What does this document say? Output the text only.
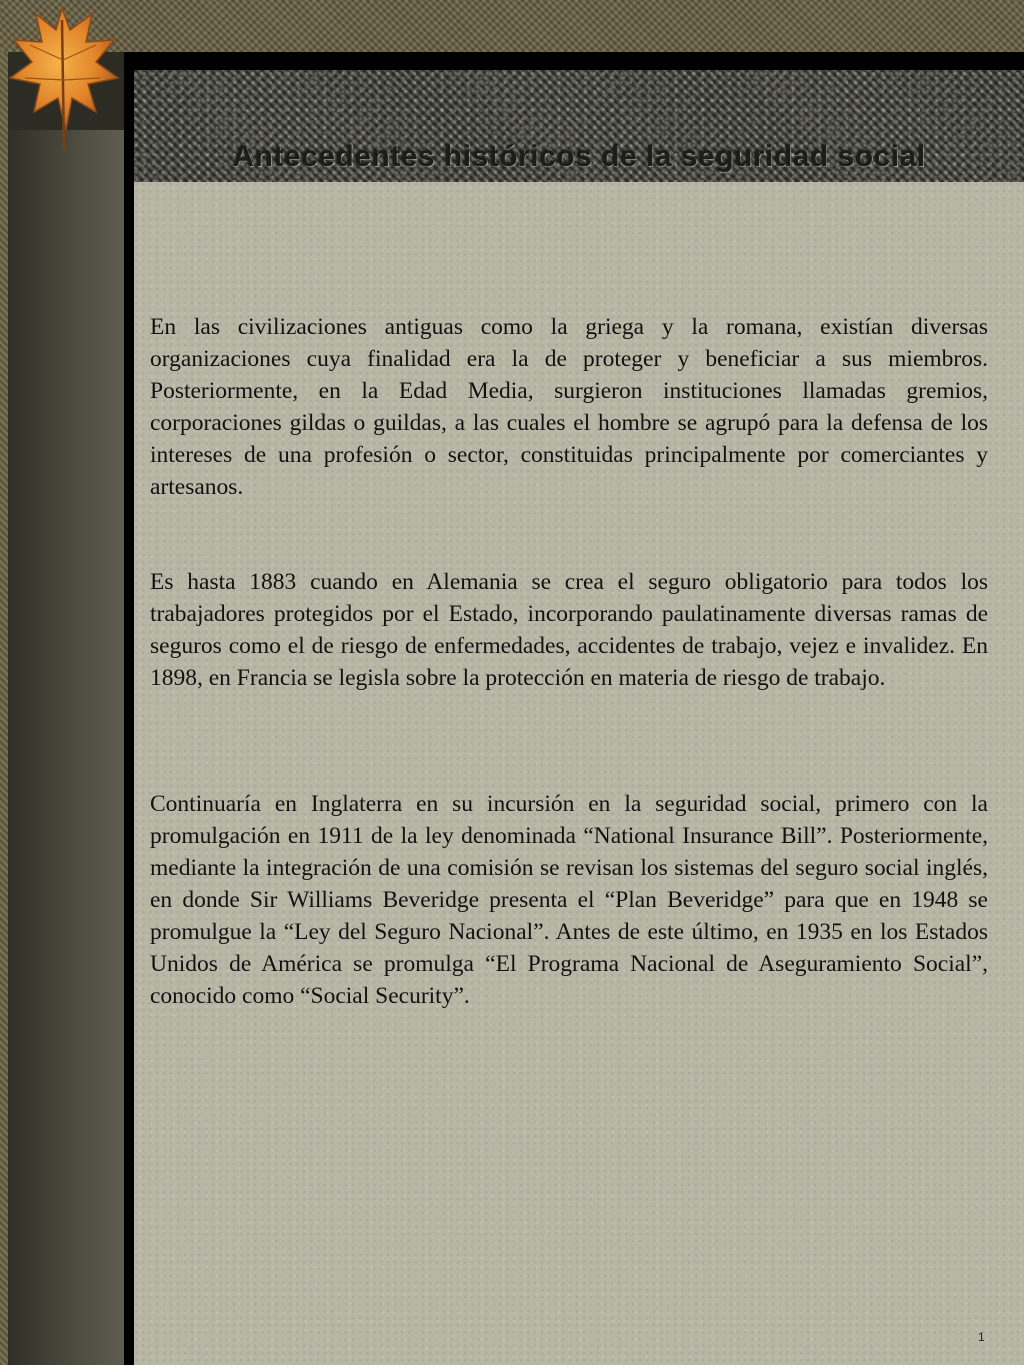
Antecedentes históricos de la seguridad social
En las civilizaciones antiguas como la griega y la romana, existían diversas organizaciones cuya finalidad era la de proteger y beneficiar a sus miembros. Posteriormente, en la Edad Media, surgieron instituciones llamadas gremios, corporaciones gildas o guildas, a las cuales el hombre se agrupó para la defensa de los intereses de una profesión o sector, constituidas principalmente por comerciantes y artesanos.
Es hasta 1883 cuando en Alemania se crea el seguro obligatorio para todos los trabajadores protegidos por el Estado, incorporando paulatinamente diversas ramas de seguros como el de riesgo de enfermedades, accidentes de trabajo, vejez e invalidez. En 1898, en Francia se legisla sobre la protección en materia de riesgo de trabajo.
Continuaría en Inglaterra en su incursión en la seguridad social, primero con la promulgación en 1911 de la ley denominada “National Insurance Bill”. Posteriormente, mediante la integración de una comisión se revisan los sistemas del seguro social inglés, en donde Sir Williams Beveridge presenta el “Plan Beveridge” para que en 1948 se promulgue la “Ley del Seguro Nacional”. Antes de este último, en 1935 en los Estados Unidos de América se promulga “El Programa Nacional de Aseguramiento Social”, conocido como “Social Security”.
1
